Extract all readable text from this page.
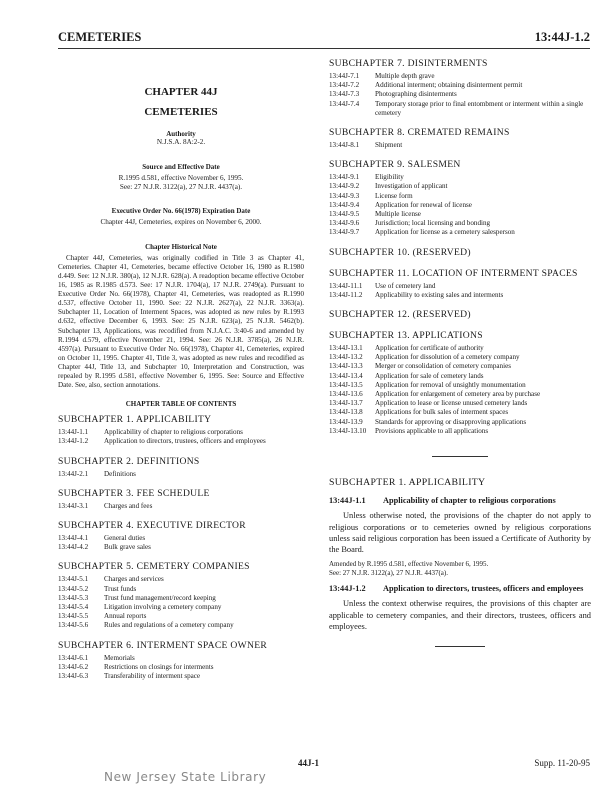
CEMETERIES	13:44J-1.2
CHAPTER 44J
CEMETERIES
Authority
N.J.S.A. 8A:2-2.
Source and Effective Date
R.1995 d.581, effective November 6, 1995.
See: 27 N.J.R. 3122(a), 27 N.J.R. 4437(a).
Executive Order No. 66(1978) Expiration Date
Chapter 44J, Cemeteries, expires on November 6, 2000.
Chapter Historical Note

Chapter 44J, Cemeteries, was originally codified in Title 3 as Chapter 41, Cemeteries. Chapter 41, Cemeteries, became effective October 16, 1980 as R.1980 d.449. See: 12 N.J.R. 380(a), 12 N.J.R. 628(a). A readoption became effective October 16, 1985 as R.1985 d.573. See: 17 N.J.R. 1704(a), 17 N.J.R. 2749(a). Pursuant to Executive Order No. 66(1978), Chapter 41, Cemeteries, was readopted as R.1990 d.537, effective October 11, 1990. See: 22 N.J.R. 2627(a), 22 N.J.R. 3363(a). Subchapter 11, Location of Interment Spaces, was adopted as new rules by R.1993 d.632, effective December 6, 1993. See: 25 N.J.R. 623(a), 25 N.J.R. 5462(b). Subchapter 13, Applications, was recodified from N.J.A.C. 3:40-6 and amended by R.1994 d.579, effective November 21, 1994. See: 26 N.J.R. 3785(a), 26 N.J.R. 4597(a). Pursuant to Executive Order No. 66(1978), Chapter 41, Cemeteries, expired on October 11, 1995. Chapter 41, Title 3, was adopted as new rules and recodified as Chapter 44J, Title 13, and Subchapter 10, Interpretation and Construction, was repealed by R.1995 d.581, effective November 6, 1995. See: Source and Effective Date. See, also, section annotations.

CHAPTER TABLE OF CONTENTS
SUBCHAPTER 1. APPLICABILITY
13:44J-1.1	Applicability of chapter to religious corporations
13:44J-1.2	Application to directors, trustees, officers and employees
SUBCHAPTER 2. DEFINITIONS
13:44J-2.1	Definitions
SUBCHAPTER 3. FEE SCHEDULE
13:44J-3.1	Charges and fees
SUBCHAPTER 4. EXECUTIVE DIRECTOR
13:44J-4.1	General duties
13:44J-4.2	Bulk grave sales
SUBCHAPTER 5. CEMETERY COMPANIES
13:44J-5.1	Charges and services
13:44J-5.2	Trust funds
13:44J-5.3	Trust fund management/record keeping
13:44J-5.4	Litigation involving a cemetery company
13:44J-5.5	Annual reports
13:44J-5.6	Rules and regulations of a cemetery company
SUBCHAPTER 6. INTERMENT SPACE OWNER
13:44J-6.1	Memorials
13:44J-6.2	Restrictions on closings for interments
13:44J-6.3	Transferability of interment space
SUBCHAPTER 7. DISINTERMENTS
13:44J-7.1	Multiple depth grave
13:44J-7.2	Additional interment; obtaining disinterment permit
13:44J-7.3	Photographing disinterments
13:44J-7.4	Temporary storage prior to final entombment or interment within a single cemetery
SUBCHAPTER 8. CREMATED REMAINS
13:44J-8.1	Shipment
SUBCHAPTER 9. SALESMEN
13:44J-9.1	Eligibility
13:44J-9.2	Investigation of applicant
13:44J-9.3	License form
13:44J-9.4	Application for renewal of license
13:44J-9.5	Multiple license
13:44J-9.6	Jurisdiction; local licensing and bonding
13:44J-9.7	Application for license as a cemetery salesperson
SUBCHAPTER 10. (RESERVED)
SUBCHAPTER 11. LOCATION OF INTERMENT SPACES
13:44J-11.1	Use of cemetery land
13:44J-11.2	Applicability to existing sales and interments
SUBCHAPTER 12. (RESERVED)
SUBCHAPTER 13. APPLICATIONS
13:44J-13.1	Application for certificate of authority
13:44J-13.2	Application for dissolution of a cemetery company
13:44J-13.3	Merger or consolidation of cemetery companies
13:44J-13.4	Application for sale of cemetery lands
13:44J-13.5	Application for removal of unsightly monumentation
13:44J-13.6	Application for enlargement of cemetery area by purchase
13:44J-13.7	Application to lease or license unused cemetery lands
13:44J-13.8	Applications for bulk sales of interment spaces
13:44J-13.9	Standards for approving or disapproving applications
13:44J-13.10	Provisions applicable to all applications
SUBCHAPTER 1. APPLICABILITY
13:44J-1.1	Applicability of chapter to religious corporations

Unless otherwise noted, the provisions of the chapter do not apply to religious corporations or to cemeteries owned by religious corporations unless said religious corporation has been issued a Certificate of Authority by the Board.

Amended by R.1995 d.581, effective November 6, 1995.
See: 27 N.J.R. 3122(a), 27 N.J.R. 4437(a).
13:44J-1.2	Application to directors, trustees, officers and employees

Unless the context otherwise requires, the provisions of this chapter are applicable to cemetery companies, and their directors, trustees, officers and employees.

44J-1	Supp. 11-20-95
New Jersey State Library
